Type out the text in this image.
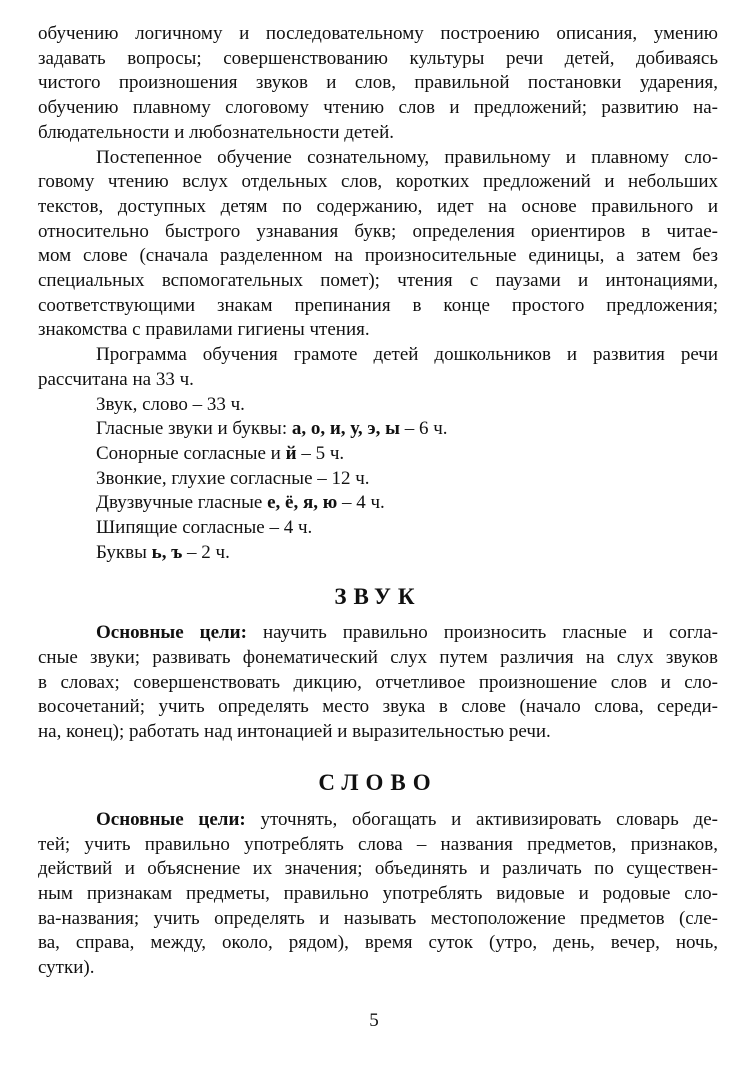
обучению логичному и последовательному построению описания, умению
задавать вопросы; совершенствованию культуры речи детей, добиваясь
чистого произношения звуков и слов, правильной постановки ударения,
обучению плавному слоговому чтению слов и предложений; развитию на-
блюдательности и любознательности детей.
Постепенное обучение сознательному, правильному и плавному сло-
говому чтению вслух отдельных слов, коротких предложений и небольших
текстов, доступных детям по содержанию, идет на основе правильного и
относительно быстрого узнавания букв; определения ориентиров в читае-
мом слове (сначала разделенном на произносительные единицы, а затем без
специальных вспомогательных помет); чтения с паузами и интонациями,
соответствующими знакам препинания в конце простого предложения;
знакомства с правилами гигиены чтения.
Программа обучения грамоте детей дошкольников и развития речи
рассчитана на 33 ч.
Звук, слово – 33 ч.
Гласные звуки и буквы: а, о, и, у, э, ы – 6 ч.
Сонорные согласные и й – 5 ч.
Звонкие, глухие согласные – 12 ч.
Двузвучные гласные е, ё, я, ю – 4 ч.
Шипящие согласные – 4 ч.
Буквы ь, ъ – 2 ч.
ЗВУК
Основные цели: научить правильно произносить гласные и согла-
сные звуки; развивать фонематический слух путем различия на слух звуков
в словах; совершенствовать дикцию, отчетливое произношение слов и сло-
восочетаний; учить определять место звука в слове (начало слова, середи-
на, конец); работать над интонацией и выразительностью речи.
СЛОВО
Основные цели: уточнять, обогащать и активизировать словарь де-
тей; учить правильно употреблять слова – названия предметов, признаков,
действий и объяснение их значения; объединять и различать по существен-
ным признакам предметы, правильно употреблять видовые и родовые сло-
ва-названия; учить определять и называть местоположение предметов (сле-
ва, справа, между, около, рядом), время суток (утро, день, вечер, ночь,
сутки).
5
